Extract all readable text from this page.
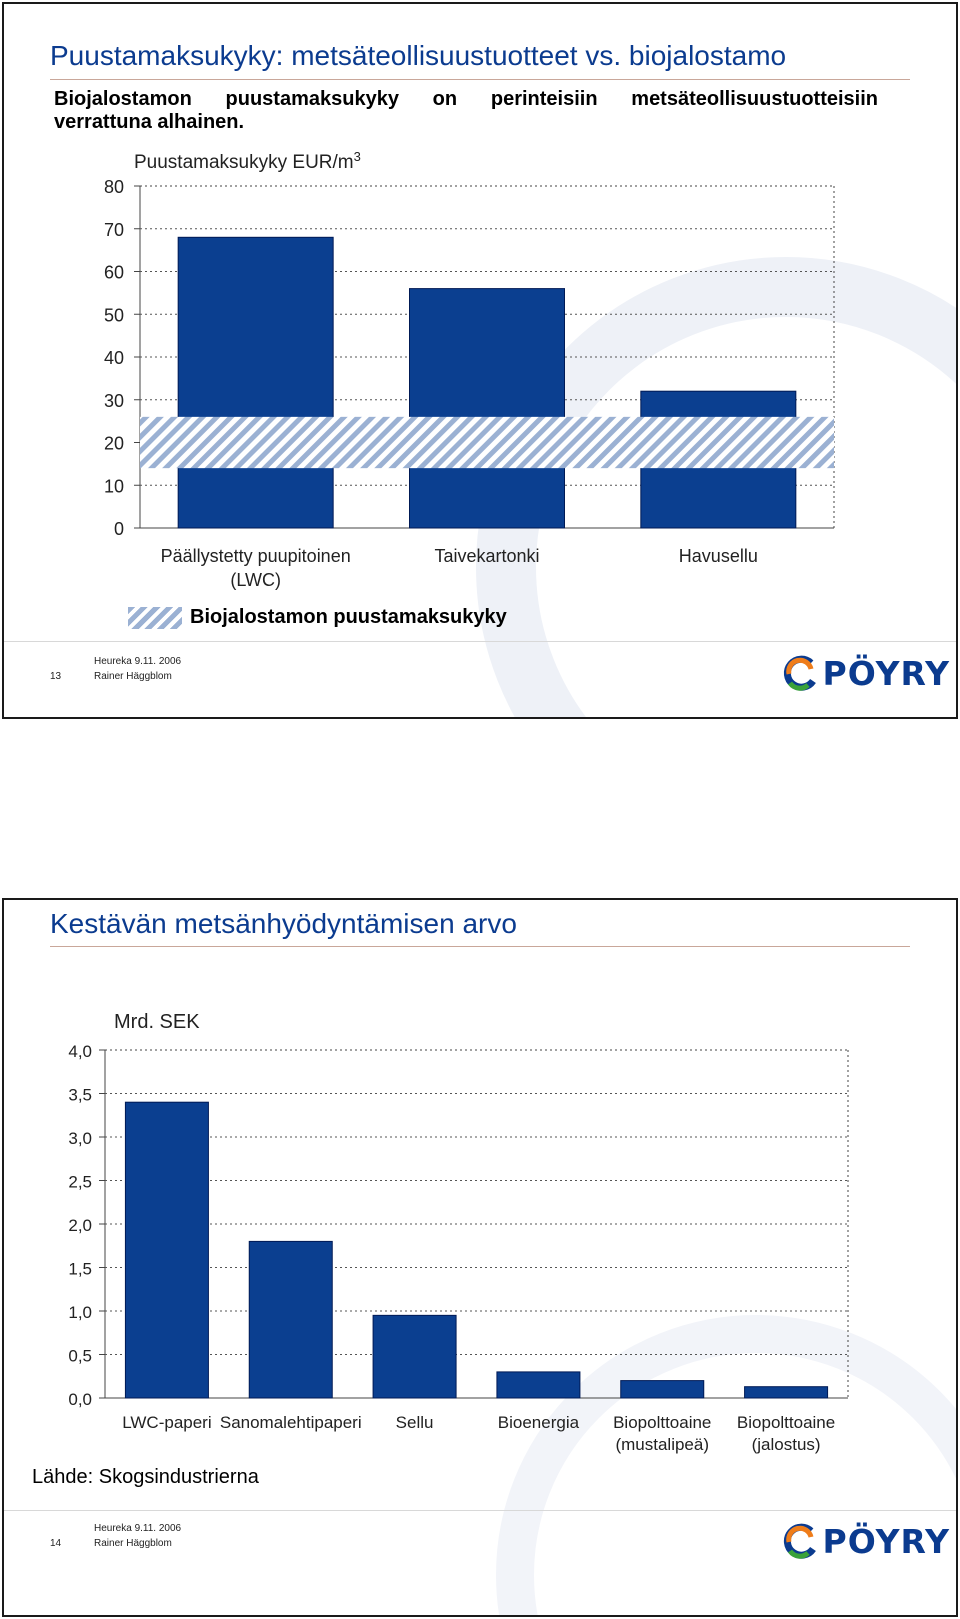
Puustamaksukyky: metsäteollisuustuotteet vs. biojalostamo
Biojalostamon puustamaksukyky on perinteisiin metsäteollisuustuotteisiin
verrattuna alhainen.
0
10
20
30
40
50
60
70
80
Puustamaksukyky EUR/$m^3$
Päällystetty puupitoinen
(LWC)
Taivekartonki	Havusellu
Biojalostamon puustamaksukyky
13
Heureka 9.11. 2006
Rainer Häggblom	PÖYRY
Kestävän metsänhyödyntämisen arvo
0,0
0,5
1,0
1,5
2,0
2,5
3,0
3,5
4,0
Mrd. SEK
LWC-paperi Sanomalehtipaperi Sellu	Bioenergia Biopolttoaine
(mustalipeä)
Biopolttoaine
(jalostus)
Lähde: Skogsindustrierna
14
Heureka 9.11. 2006
Rainer Häggblom	PÖYRY
